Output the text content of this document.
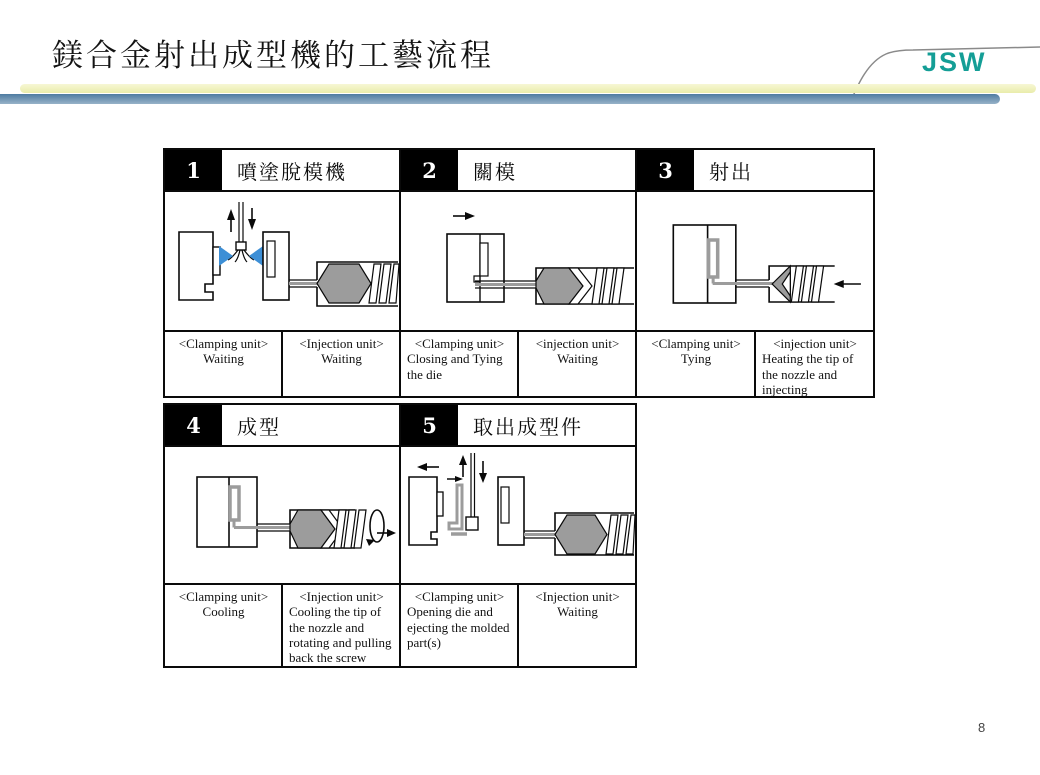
鎂合金射出成型機的工藝流程	JSW
1	噴塗脫模機
<Clamping unit>
Waiting
<Injection unit>
Waiting
2	關模
<Clamping unit>
Closing and Tying the die
<injection unit>
Waiting
3	射出
<Clamping unit>
Tying
<injection unit>
Heating the tip of the nozzle and injecting
4	成型
<Clamping unit>
Cooling
<Injection unit>
Cooling the tip of the nozzle and rotating and pulling back the screw
5	取出成型件
<Clamping unit>
Opening die and ejecting the molded part(s)
<Injection unit>
Waiting
8
